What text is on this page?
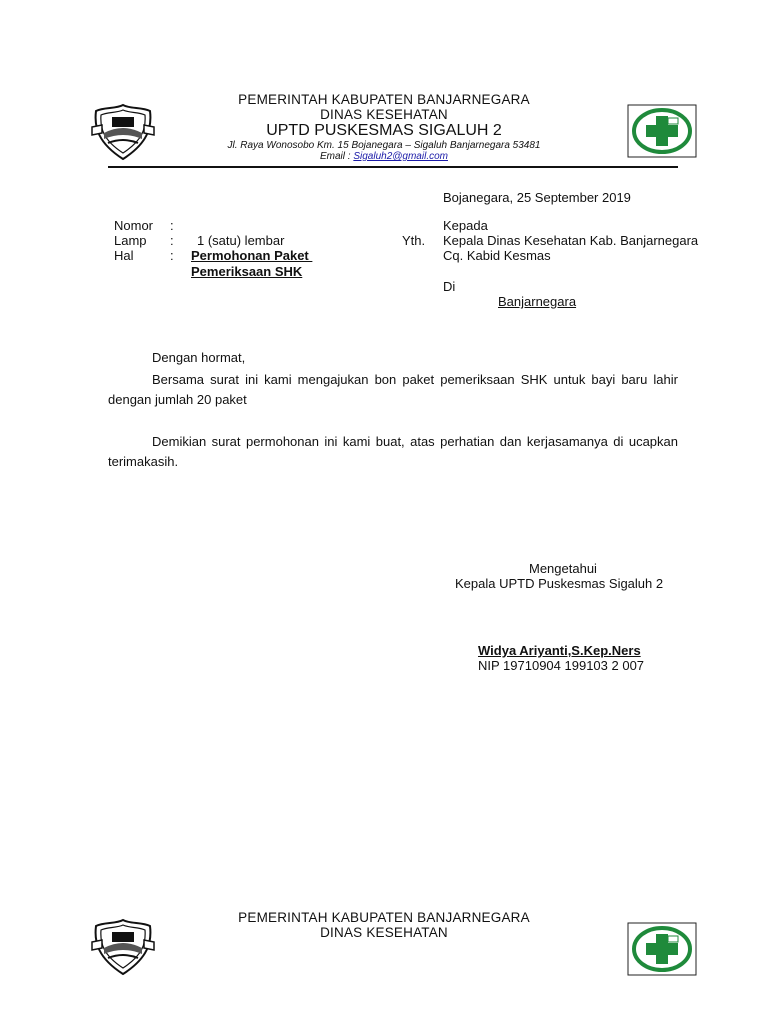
PEMERINTAH KABUPATEN BANJARNEGARA
DINAS KESEHATAN
UPTD PUSKESMAS SIGALUH 2
Jl. Raya Wonosobo Km. 15 Bojanegara – Sigaluh Banjarnegara 53481
Email : Sigaluh2@gmail.com
Bojanegara, 25 September 2019
Nomor :
Lamp : 1 (satu) lembar
Hal	: Permohonan Paket
Pemeriksaan SHK
Kepada
Yth. Kepala Dinas Kesehatan Kab. Banjarnegara
Cq. Kabid Kesmas
Di
Banjarnegara
Dengan hormat,
Bersama surat ini kami mengajukan bon paket pemeriksaan SHK untuk bayi baru lahir dengan jumlah 20 paket
Demikian surat permohonan ini kami buat, atas perhatian dan kerjasamanya di ucapkan terimakasih.
Mengetahui
Kepala UPTD Puskesmas Sigaluh 2
Widya Ariyanti,S.Kep.Ners
NIP 19710904 199103 2 007
PEMERINTAH KABUPATEN BANJARNEGARA
DINAS KESEHATAN
